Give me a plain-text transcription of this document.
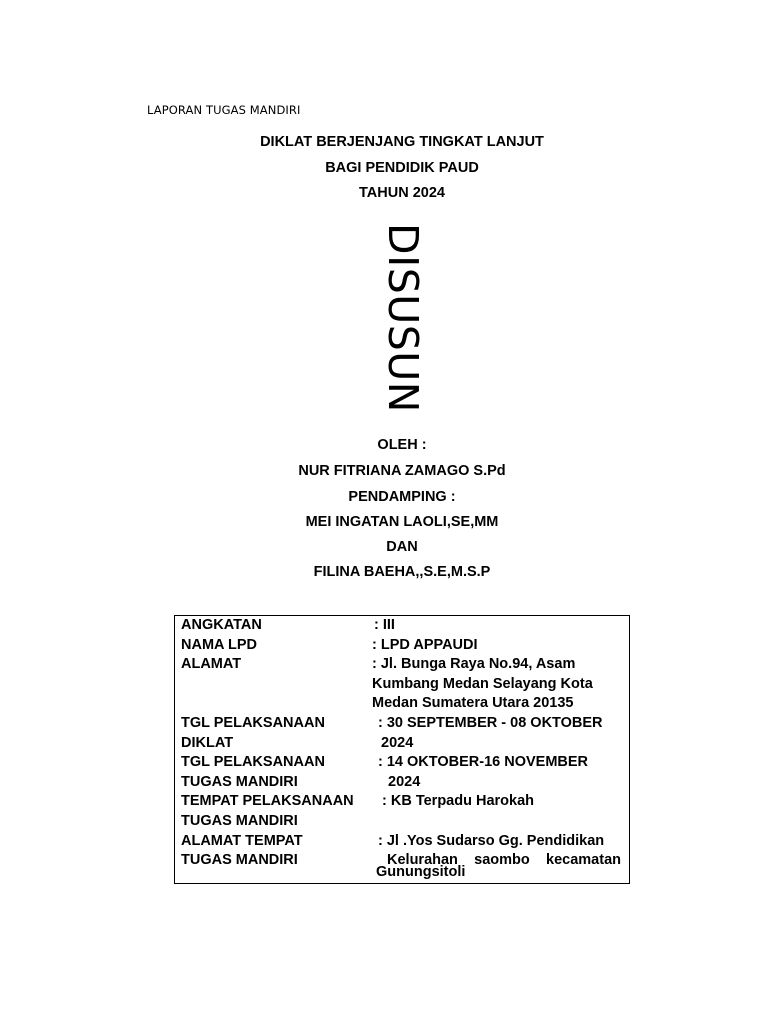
LAPORAN TUGAS MANDIRI
DIKLAT BERJENJANG TINGKAT LANJUT
BAGI PENDIDIK PAUD
TAHUN 2024
DISUSUN
OLEH :
NUR FITRIANA ZAMAGO S.Pd
PENDAMPING :
MEI INGATAN LAOLI,SE,MM
DAN
FILINA BAEHA,,S.E,M.S.P
ANGKATAN	: III
NAMA LPD	: LPD APPAUDI
ALAMAT	: Jl. Bunga Raya No.94, Asam
Kumbang Medan Selayang Kota
Medan Sumatera Utara 20135
TGL PELAKSANAAN	: 30 SEPTEMBER - 08 OKTOBER
DIKLAT	2024
TGL PELAKSANAAN	: 14 OKTOBER-16 NOVEMBER
TUGAS MANDIRI	2024
TEMPAT PELAKSANAAN : KB Terpadu Harokah
TUGAS MANDIRI
ALAMAT TEMPAT	: Jl .Yos Sudarso Gg. Pendidikan
TUGAS MANDIRI	Kelurahan saombo kecamatan
Gunungsitoli
